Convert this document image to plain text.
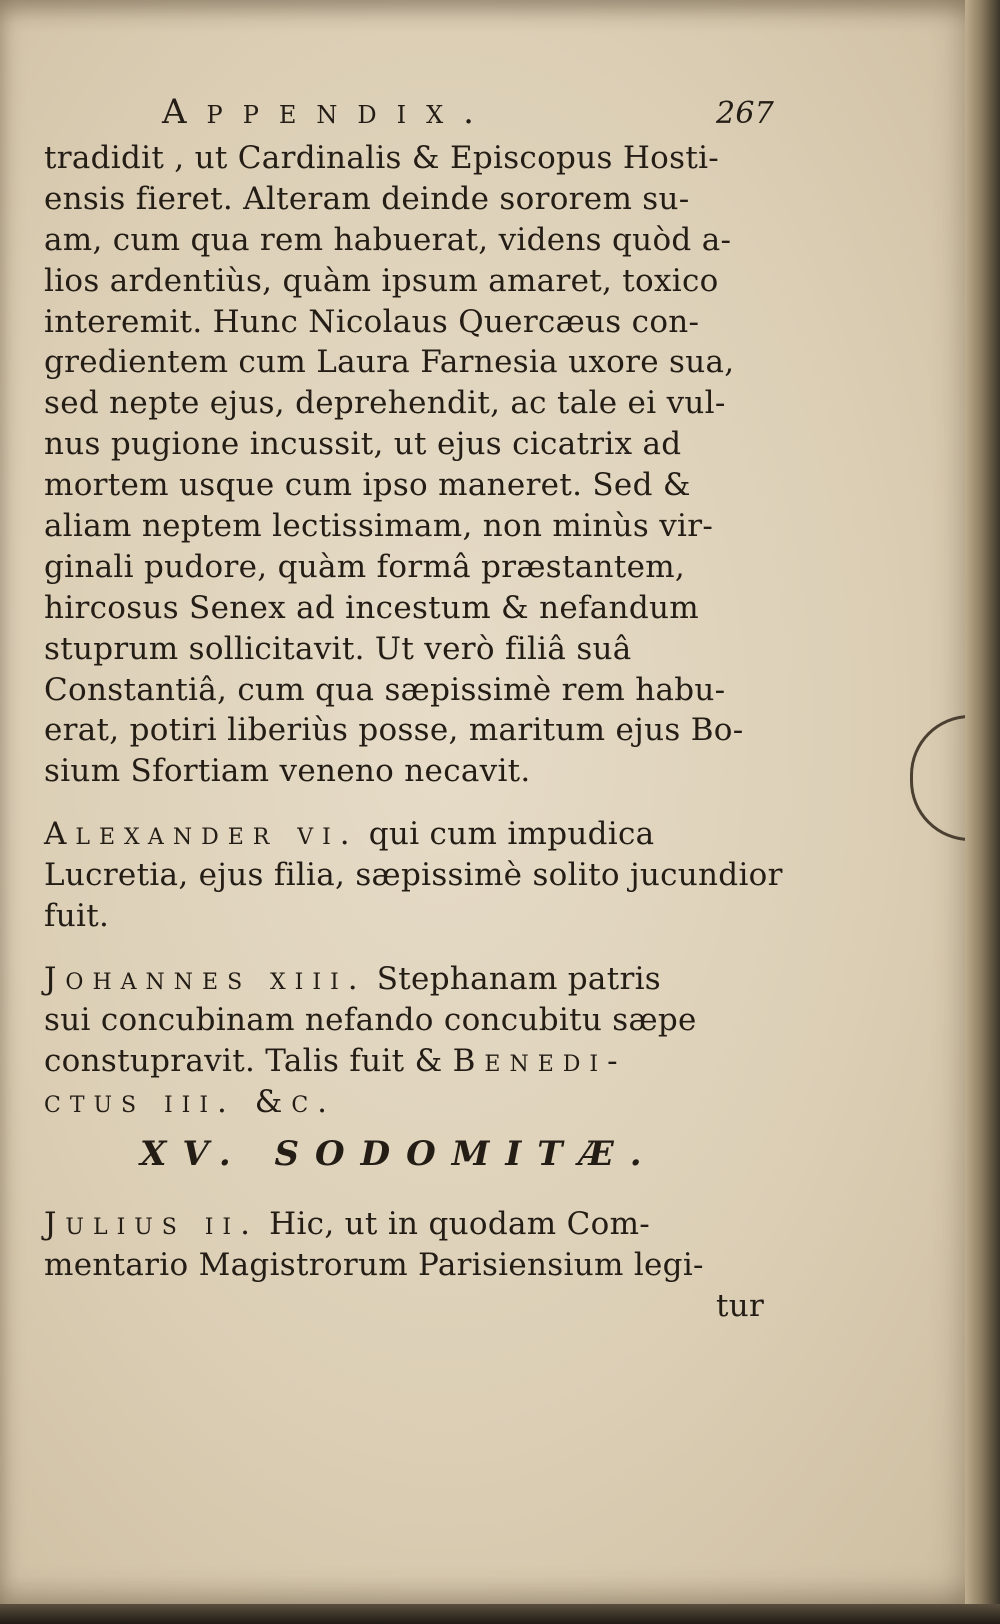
Appendix.	267
tradidit , ut Cardinalis & Episcopus Hosti-
ensis fieret. Alteram deinde sororem su-
am, cum qua rem habuerat, videns quòd a-
lios ardentiùs, quàm ipsum amaret, toxico
interemit. Hunc Nicolaus Quercæus con-
gredientem cum Laura Farnesia uxore sua,
sed nepte ejus, deprehendit, ac tale ei vul-
nus pugione incussit, ut ejus cicatrix ad
mortem usque cum ipso maneret. Sed &
aliam neptem lectissimam, non minùs vir-
ginali pudore, quàm formâ præstantem,
hircosus Senex ad incestum & nefandum
stuprum sollicitavit. Ut verò filiâ suâ
Constantiâ, cum qua sæpissimè rem habu-
erat, potiri liberiùs posse, maritum ejus Bo-
sium Sfortiam veneno necavit.
Alexander vi. qui cum impudica
Lucretia, ejus filia, sæpissimè solito jucundior
fuit.
Johannes xiii. Stephanam patris
sui concubinam nefando concubitu sæpe
constupravit. Talis fuit & Benedi-
ctus iii. &c.
XV. SODOMITÆ.
Julius ii. Hic, ut in quodam Com-
mentario Magistrorum Parisiensium legi-
tur
